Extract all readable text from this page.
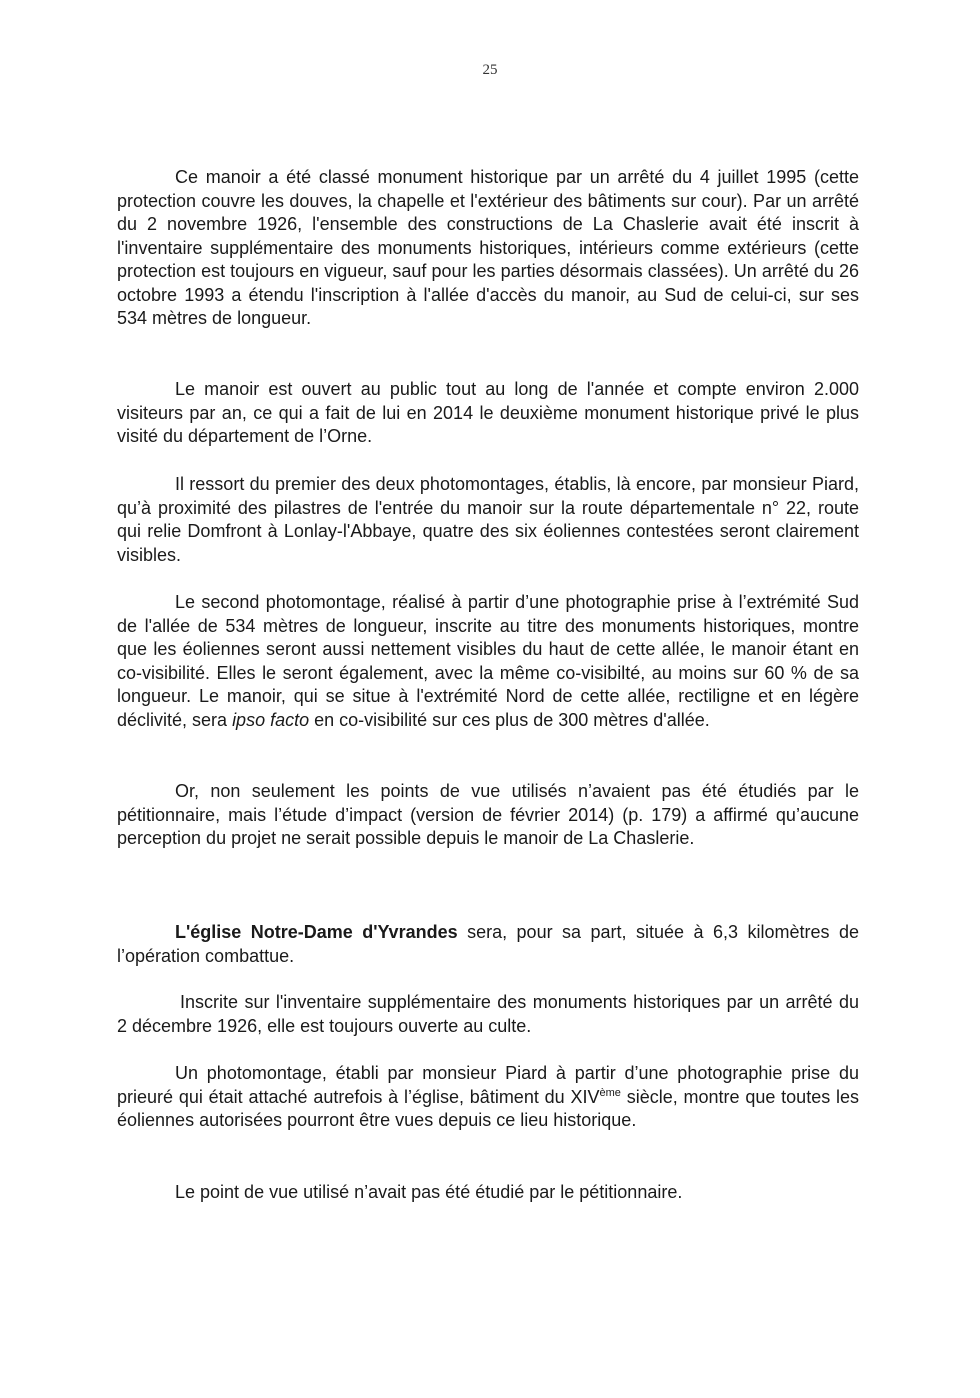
25

Ce manoir a été classé monument historique par un arrêté du 4 juillet 1995 (cette protection couvre les douves, la chapelle et l'extérieur des bâtiments sur cour). Par un arrêté du 2 novembre 1926, l'ensemble des constructions de La Chaslerie avait été inscrit à l'inventaire supplémentaire des monuments historiques, intérieurs comme extérieurs (cette protection est toujours en vigueur, sauf pour les parties désormais classées). Un arrêté du 26 octobre 1993 a étendu l'inscription à l'allée d'accès du manoir, au Sud de celui-ci, sur ses 534 mètres de longueur.

Le manoir est ouvert au public tout au long de l'année et compte environ 2.000 visiteurs par an, ce qui a fait de lui en 2014 le deuxième monument historique privé le plus visité du département de l’Orne.

Il ressort du premier des deux photomontages, établis, là encore, par monsieur Piard, qu’à proximité des pilastres de l'entrée du manoir sur la route départementale n° 22, route qui relie Domfront à Lonlay-l'Abbaye, quatre des six éoliennes contestées seront clairement visibles.

Le second photomontage, réalisé à partir d’une photographie prise à l’extrémité Sud de l'allée de 534 mètres de longueur, inscrite au titre des monuments historiques, montre que les éoliennes seront aussi nettement visibles du haut de cette allée, le manoir étant en co-visibilité. Elles le seront également, avec la même co-visibilté, au moins sur 60 % de sa longueur. Le manoir, qui se situe à l'extrémité Nord de cette allée, rectiligne et en légère déclivité, sera ipso facto en co-visibilité sur ces plus de 300 mètres d'allée.

Or, non seulement les points de vue utilisés n’avaient pas été étudiés par le pétitionnaire, mais l’étude d’impact (version de février 2014) (p. 179) a affirmé qu’aucune perception du projet ne serait possible depuis le manoir de La Chaslerie.

L'église Notre-Dame d'Yvrandes sera, pour sa part, située à 6,3 kilomètres de l’opération combattue.

Inscrite sur l'inventaire supplémentaire des monuments historiques par un arrêté du 2 décembre 1926, elle est toujours ouverte au culte.

Un photomontage, établi par monsieur Piard à partir d’une photographie prise du prieuré qui était attaché autrefois à l’église, bâtiment du XIVème siècle, montre que toutes les éoliennes autorisées pourront être vues depuis ce lieu historique.

Le point de vue utilisé n’avait pas été étudié par le pétitionnaire.
